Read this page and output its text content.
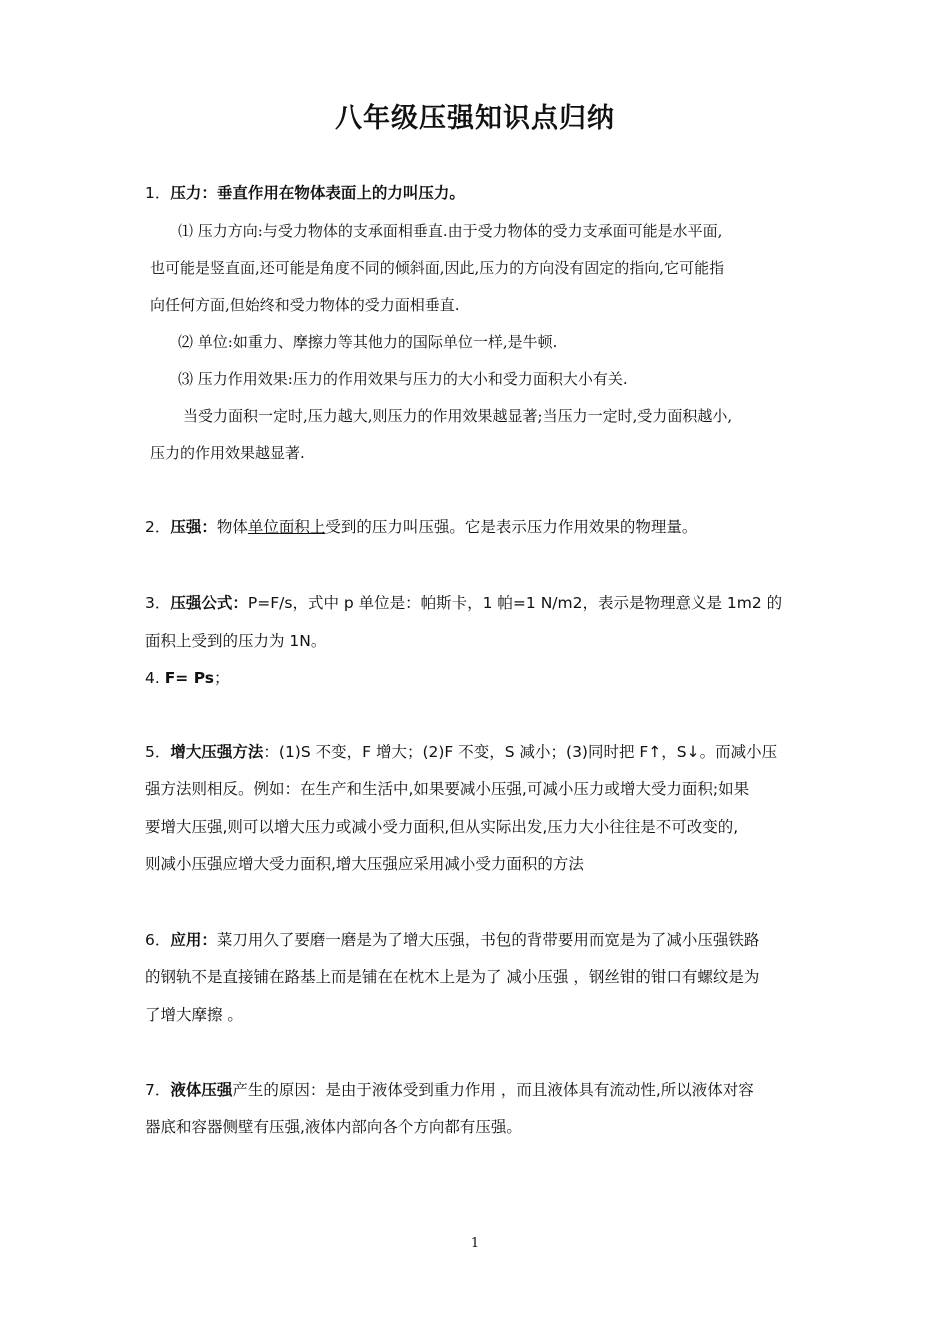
八年级压强知识点归纳
1．压力：垂直作用在物体表面上的力叫压力。
⑴ 压力方向:与受力物体的支承面相垂直.由于受力物体的受力支承面可能是水平面,
也可能是竖直面,还可能是角度不同的倾斜面,因此,压力的方向没有固定的指向,它可能指
向任何方面,但始终和受力物体的受力面相垂直.
⑵ 单位:如重力、摩擦力等其他力的国际单位一样,是牛顿.
⑶ 压力作用效果:压力的作用效果与压力的大小和受力面积大小有关.
当受力面积一定时,压力越大,则压力的作用效果越显著;当压力一定时,受力面积越小,
压力的作用效果越显著.
2．压强：物体单位面积上受到的压力叫压强。它是表示压力作用效果的物理量。
3．压强公式：P=F/s，式中 p 单位是：帕斯卡，1 帕=1 N/m2，表示是物理意义是 1m2 的
面积上受到的压力为 1N。
4. F= Ps；
5．增大压强方法：(1)S 不变，F 增大；(2)F 不变，S 减小；(3)同时把 F↑，S↓。而减小压
强方法则相反。例如：在生产和生活中,如果要减小压强,可减小压力或增大受力面积;如果
要增大压强,则可以增大压力或减小受力面积,但从实际出发,压力大小往往是不可改变的,
则减小压强应增大受力面积,增大压强应采用减小受力面积的方法
6．应用：菜刀用久了要磨一磨是为了增大压强，书包的背带要用而宽是为了减小压强铁路
的钢轨不是直接铺在路基上而是铺在在枕木上是为了 减小压强 ，钢丝钳的钳口有螺纹是为
了增大摩擦 。
7．液体压强产生的原因：是由于液体受到重力作用 ，而且液体具有流动性,所以液体对容
器底和容器侧壁有压强,液体内部向各个方向都有压强。
1
